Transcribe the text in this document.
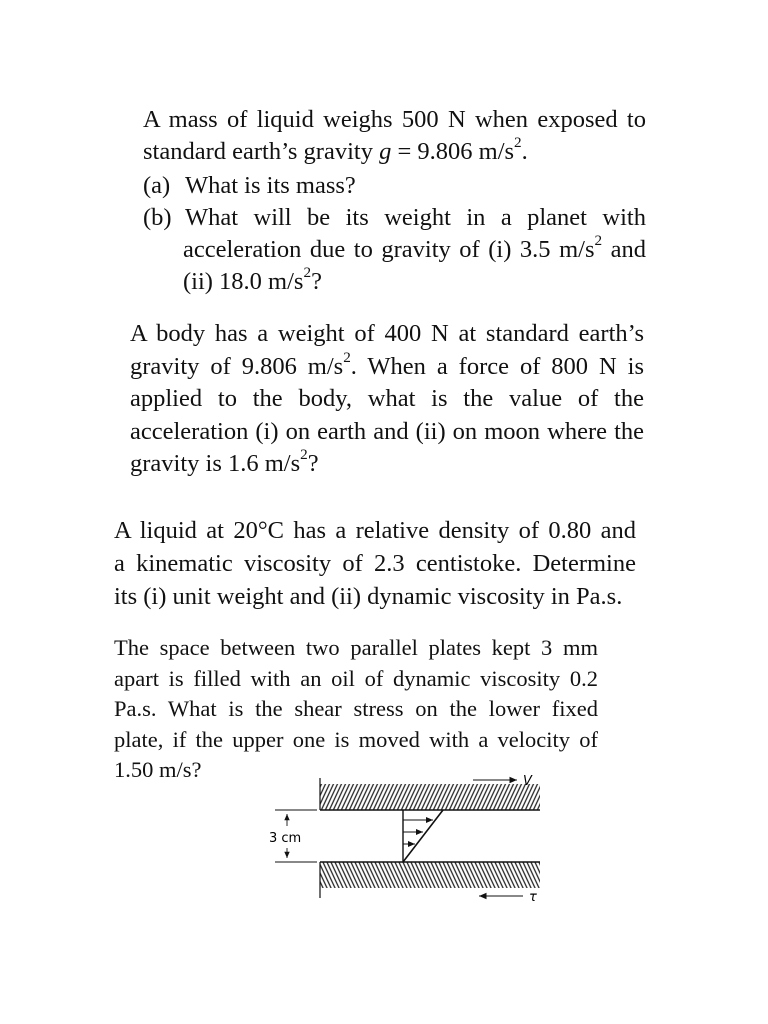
A mass of liquid weighs 500 N when exposed to
standard earth’s gravity g = 9.806 $m/s^2$.
(a) What is its mass?
(b) What will be its weight in a planet with
acceleration due to gravity of (i) 3.5 $m/s^2$ and
(ii) 18.0 $m/s^2$?
A body has a weight of 400 N at standard earth’s
gravity of 9.806 $m/s^2$. When a force of 800 N is
applied to the body, what is the value of the
acceleration (i) on earth and (ii) on moon where the
gravity is 1.6 $m/s^2$?
A liquid at 20°C has a relative density of 0.80 and
a kinematic viscosity of 2.3 centistoke. Determine
its (i) unit weight and (ii) dynamic viscosity in Pa.s.
The space between two parallel plates kept 3 mm
apart is filled with an oil of dynamic viscosity 0.2
Pa.s. What is the shear stress on the lower fixed
plate, if the upper one is moved with a velocity of
1.50 m/s?
3 cm
V
τ
